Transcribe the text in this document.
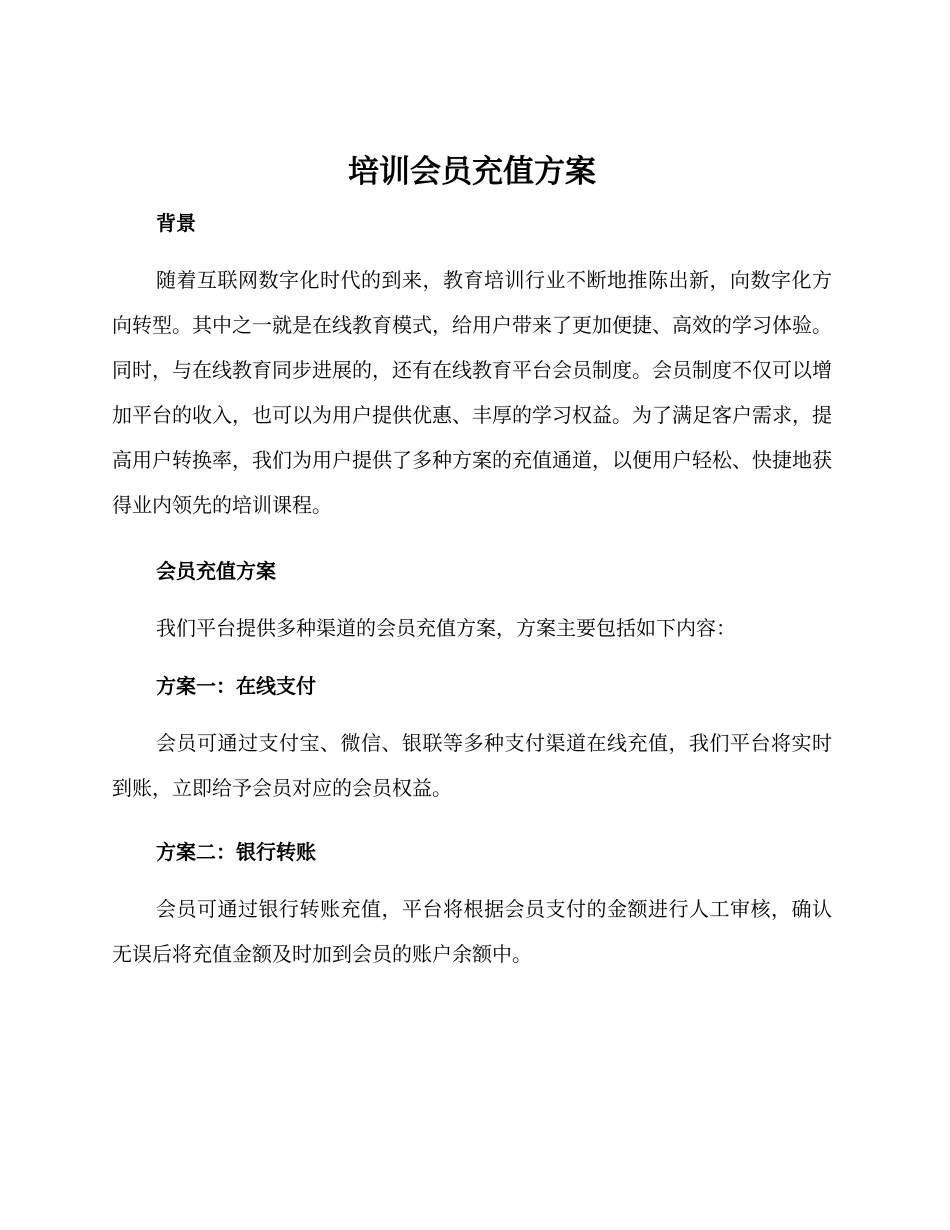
培训会员充值方案

背景

随着互联网数字化时代的到来，教育培训行业不断地推陈出新，向数字化方向转型。其中之一就是在线教育模式，给用户带来了更加便捷、高效的学习体验。同时，与在线教育同步进展的，还有在线教育平台会员制度。会员制度不仅可以增加平台的收入，也可以为用户提供优惠、丰厚的学习权益。为了满足客户需求，提高用户转换率，我们为用户提供了多种方案的充值通道，以便用户轻松、快捷地获得业内领先的培训课程。

会员充值方案

我们平台提供多种渠道的会员充值方案，方案主要包括如下内容：

方案一：在线支付

会员可通过支付宝、微信、银联等多种支付渠道在线充值，我们平台将实时到账，立即给予会员对应的会员权益。

方案二：银行转账

会员可通过银行转账充值，平台将根据会员支付的金额进行人工审核，确认无误后将充值金额及时加到会员的账户余额中。
